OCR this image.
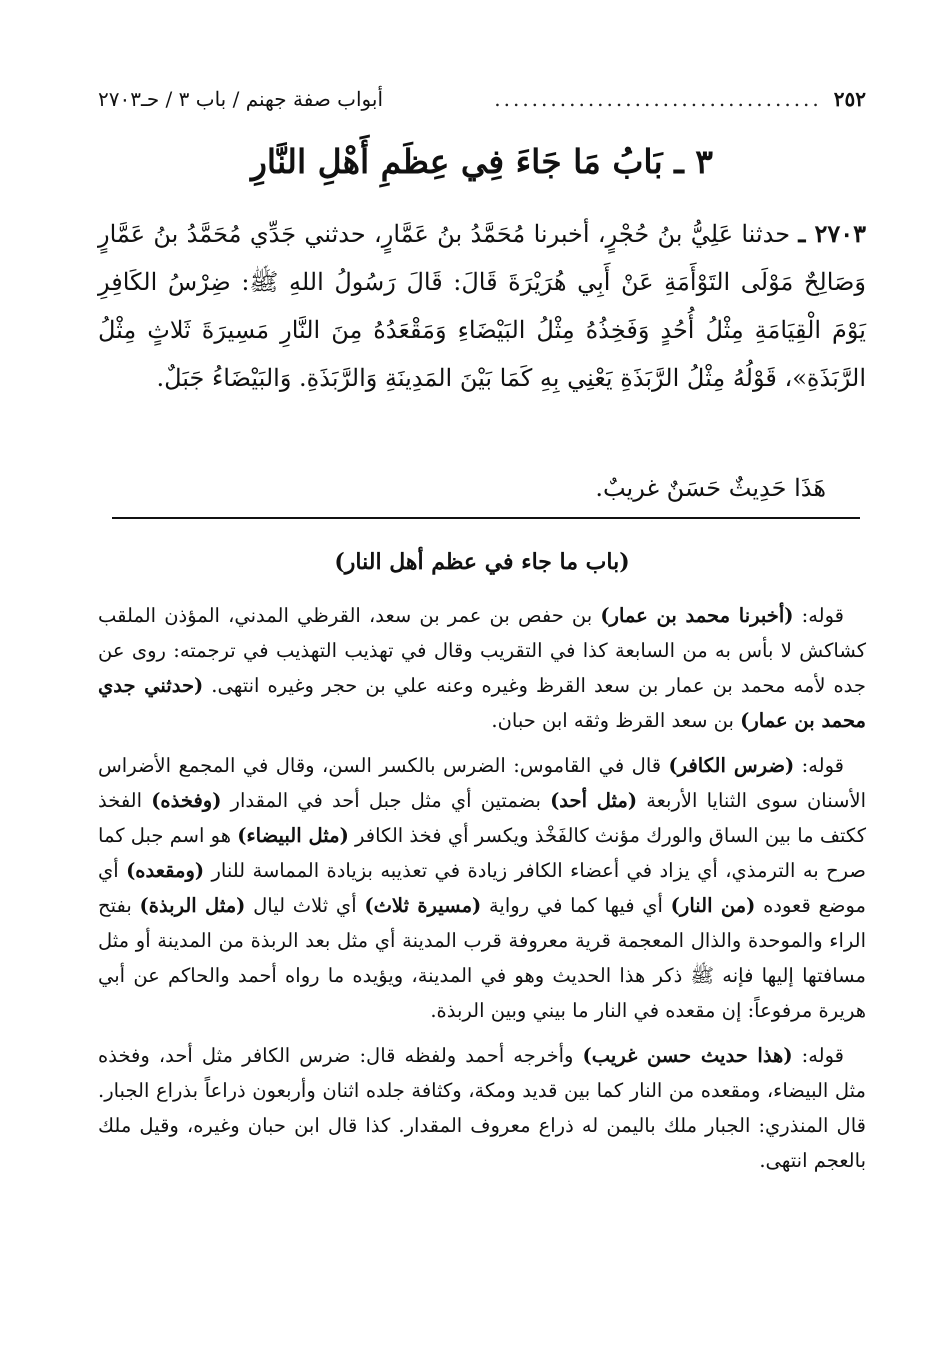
٢٥٢
...................................
أبواب صفة جهنم / باب ٣ / حـ٢٧٠٣
٣ ـ بَابُ مَا جَاءَ فِي عِظَمِ أَهْلِ النَّارِ

٢٧٠٣ ـ حدثنا عَلِيُّ بنُ حُجْرٍ، أخبرنا مُحَمَّدُ بنُ عَمَّارٍ، حدثني جَدِّي مُحَمَّدُ بنُ عَمَّارٍ وَصَالِحٌ مَوْلَى التَوْأَمَةِ عَنْ أَبِي هُرَيْرَةَ قَالَ: قَالَ رَسُولُ اللهِ ﷺ: ضِرْسُ الكَافِرِ يَوْمَ الْقِيَامَةِ مِثْلُ أُحُدٍ وَفَخِذُهُ مِثْلُ البَيْضَاءِ وَمَقْعَدُهُ مِنَ النَّارِ مَسِيرَةَ ثَلاثٍ مِثْلُ الرَّبَذَةِ»، قَوْلُهُ مِثْلُ الرَّبَذَةِ يَعْنِي بِهِ كَمَا بَيْنَ المَدِينَةِ وَالرَّبَذَةِ. وَالبَيْضَاءُ جَبَلٌ.

هَذَا حَدِيثٌ حَسَنٌ غريبٌ.
(باب ما جاء في عظم أهل النار)

قوله: (أخبرنا محمد بن عمار) بن حفص بن عمر بن سعد، القرظي المدني، المؤذن الملقب كشاكش لا بأس به من السابعة كذا في التقريب وقال في تهذيب التهذيب في ترجمته: روى عن جده لأمه محمد بن عمار بن سعد القرظ وغيره وعنه علي بن حجر وغيره انتهى. (حدثني جدي محمد بن عمار) بن سعد القرظ وثقه ابن حبان.

قوله: (ضرس الكافر) قال في القاموس: الضرس بالكسر السن، وقال في المجمع الأضراس الأسنان سوى الثنايا الأربعة (مثل أحد) بضمتين أي مثل جبل أحد في المقدار (وفخذه) الفخذ ككتف ما بين الساق والورك مؤنث كالفَخْذ ويكسر أي فخذ الكافر (مثل البيضاء) هو اسم جبل كما صرح به الترمذي، أي يزاد في أعضاء الكافر زيادة في تعذيبه بزيادة المماسة للنار (ومقعده) أي موضع قعوده (من النار) أي فيها كما في رواية (مسيرة ثلاث) أي ثلاث ليال (مثل الربذة) بفتح الراء والموحدة والذال المعجمة قرية معروفة قرب المدينة أي مثل بعد الربذة من المدينة أو مثل مسافتها إليها فإنه ﷺ ذكر هذا الحديث وهو في المدينة، ويؤيده ما رواه أحمد والحاكم عن أبي هريرة مرفوعاً: إن مقعده في النار ما بيني وبين الربذة.

قوله: (هذا حديث حسن غريب) وأخرجه أحمد ولفظه قال: ضرس الكافر مثل أحد، وفخذه مثل البيضاء، ومقعده من النار كما بين قديد ومكة، وكثافة جلده اثنان وأربعون ذراعاً بذراع الجبار. قال المنذري: الجبار ملك باليمن له ذراع معروف المقدار. كذا قال ابن حبان وغيره، وقيل ملك بالعجم انتهى.
